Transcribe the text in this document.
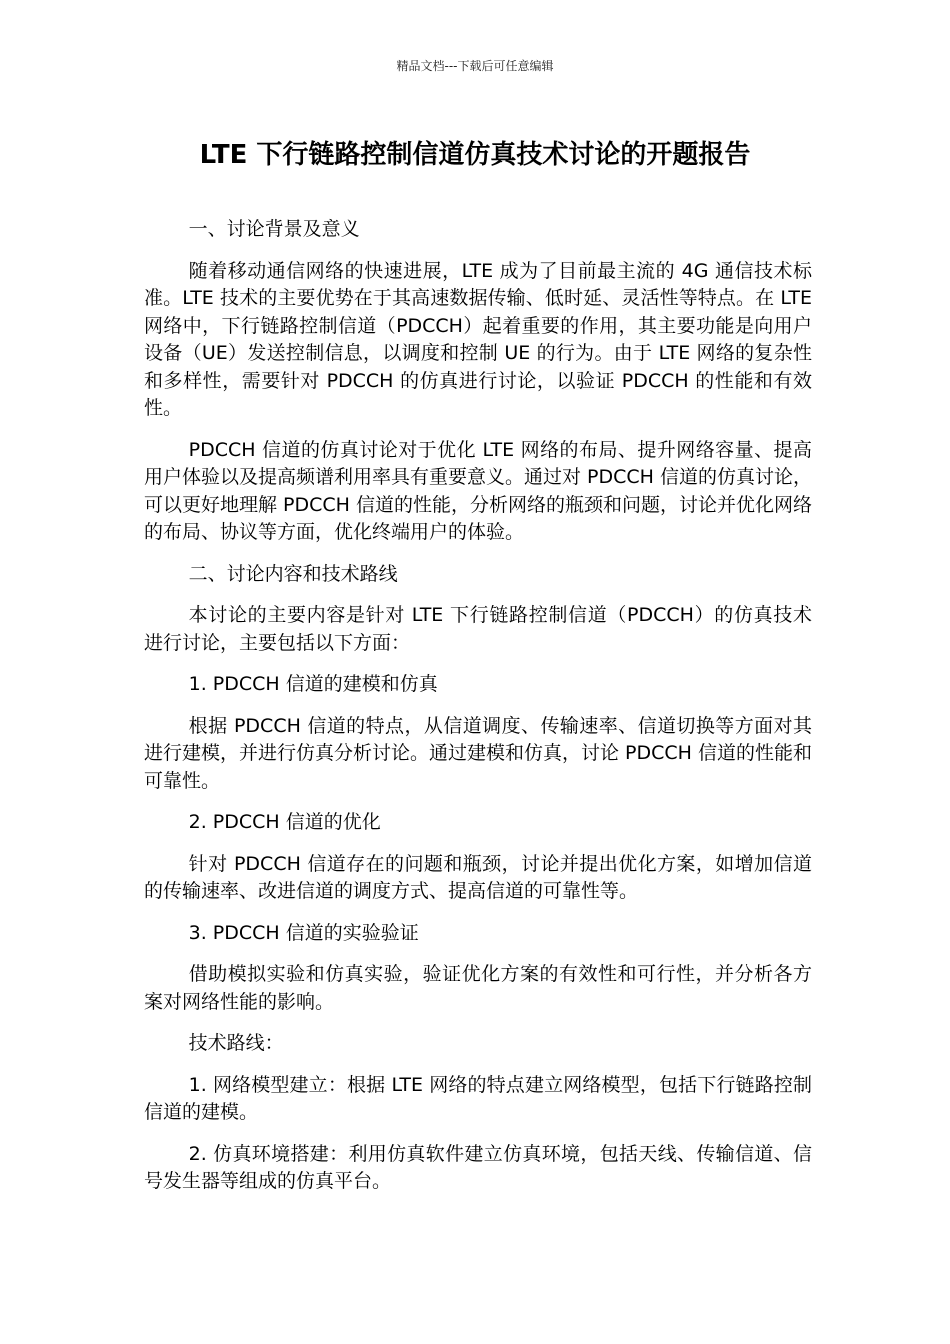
精品文档---下载后可任意编辑
LTE 下行链路控制信道仿真技术讨论的开题报告

一、讨论背景及意义

随着移动通信网络的快速进展，LTE 成为了目前最主流的 4G 通信技术标准。LTE 技术的主要优势在于其高速数据传输、低时延、灵活性等特点。在 LTE 网络中，下行链路控制信道（PDCCH）起着重要的作用，其主要功能是向用户设备（UE）发送控制信息，以调度和控制 UE 的行为。由于 LTE 网络的复杂性和多样性，需要针对 PDCCH 的仿真进行讨论，以验证 PDCCH 的性能和有效性。

PDCCH 信道的仿真讨论对于优化 LTE 网络的布局、提升网络容量、提高用户体验以及提高频谱利用率具有重要意义。通过对 PDCCH 信道的仿真讨论，可以更好地理解 PDCCH 信道的性能，分析网络的瓶颈和问题，讨论并优化网络的布局、协议等方面，优化终端用户的体验。

二、讨论内容和技术路线

本讨论的主要内容是针对 LTE 下行链路控制信道（PDCCH）的仿真技术进行讨论，主要包括以下方面：

1. PDCCH 信道的建模和仿真

根据 PDCCH 信道的特点，从信道调度、传输速率、信道切换等方面对其进行建模，并进行仿真分析讨论。通过建模和仿真，讨论 PDCCH 信道的性能和可靠性。

2. PDCCH 信道的优化

针对 PDCCH 信道存在的问题和瓶颈，讨论并提出优化方案，如增加信道的传输速率、改进信道的调度方式、提高信道的可靠性等。

3. PDCCH 信道的实验验证

借助模拟实验和仿真实验，验证优化方案的有效性和可行性，并分析各方案对网络性能的影响。

技术路线：

1. 网络模型建立：根据 LTE 网络的特点建立网络模型，包括下行链路控制信道的建模。

2. 仿真环境搭建：利用仿真软件建立仿真环境，包括天线、传输信道、信号发生器等组成的仿真平台。
